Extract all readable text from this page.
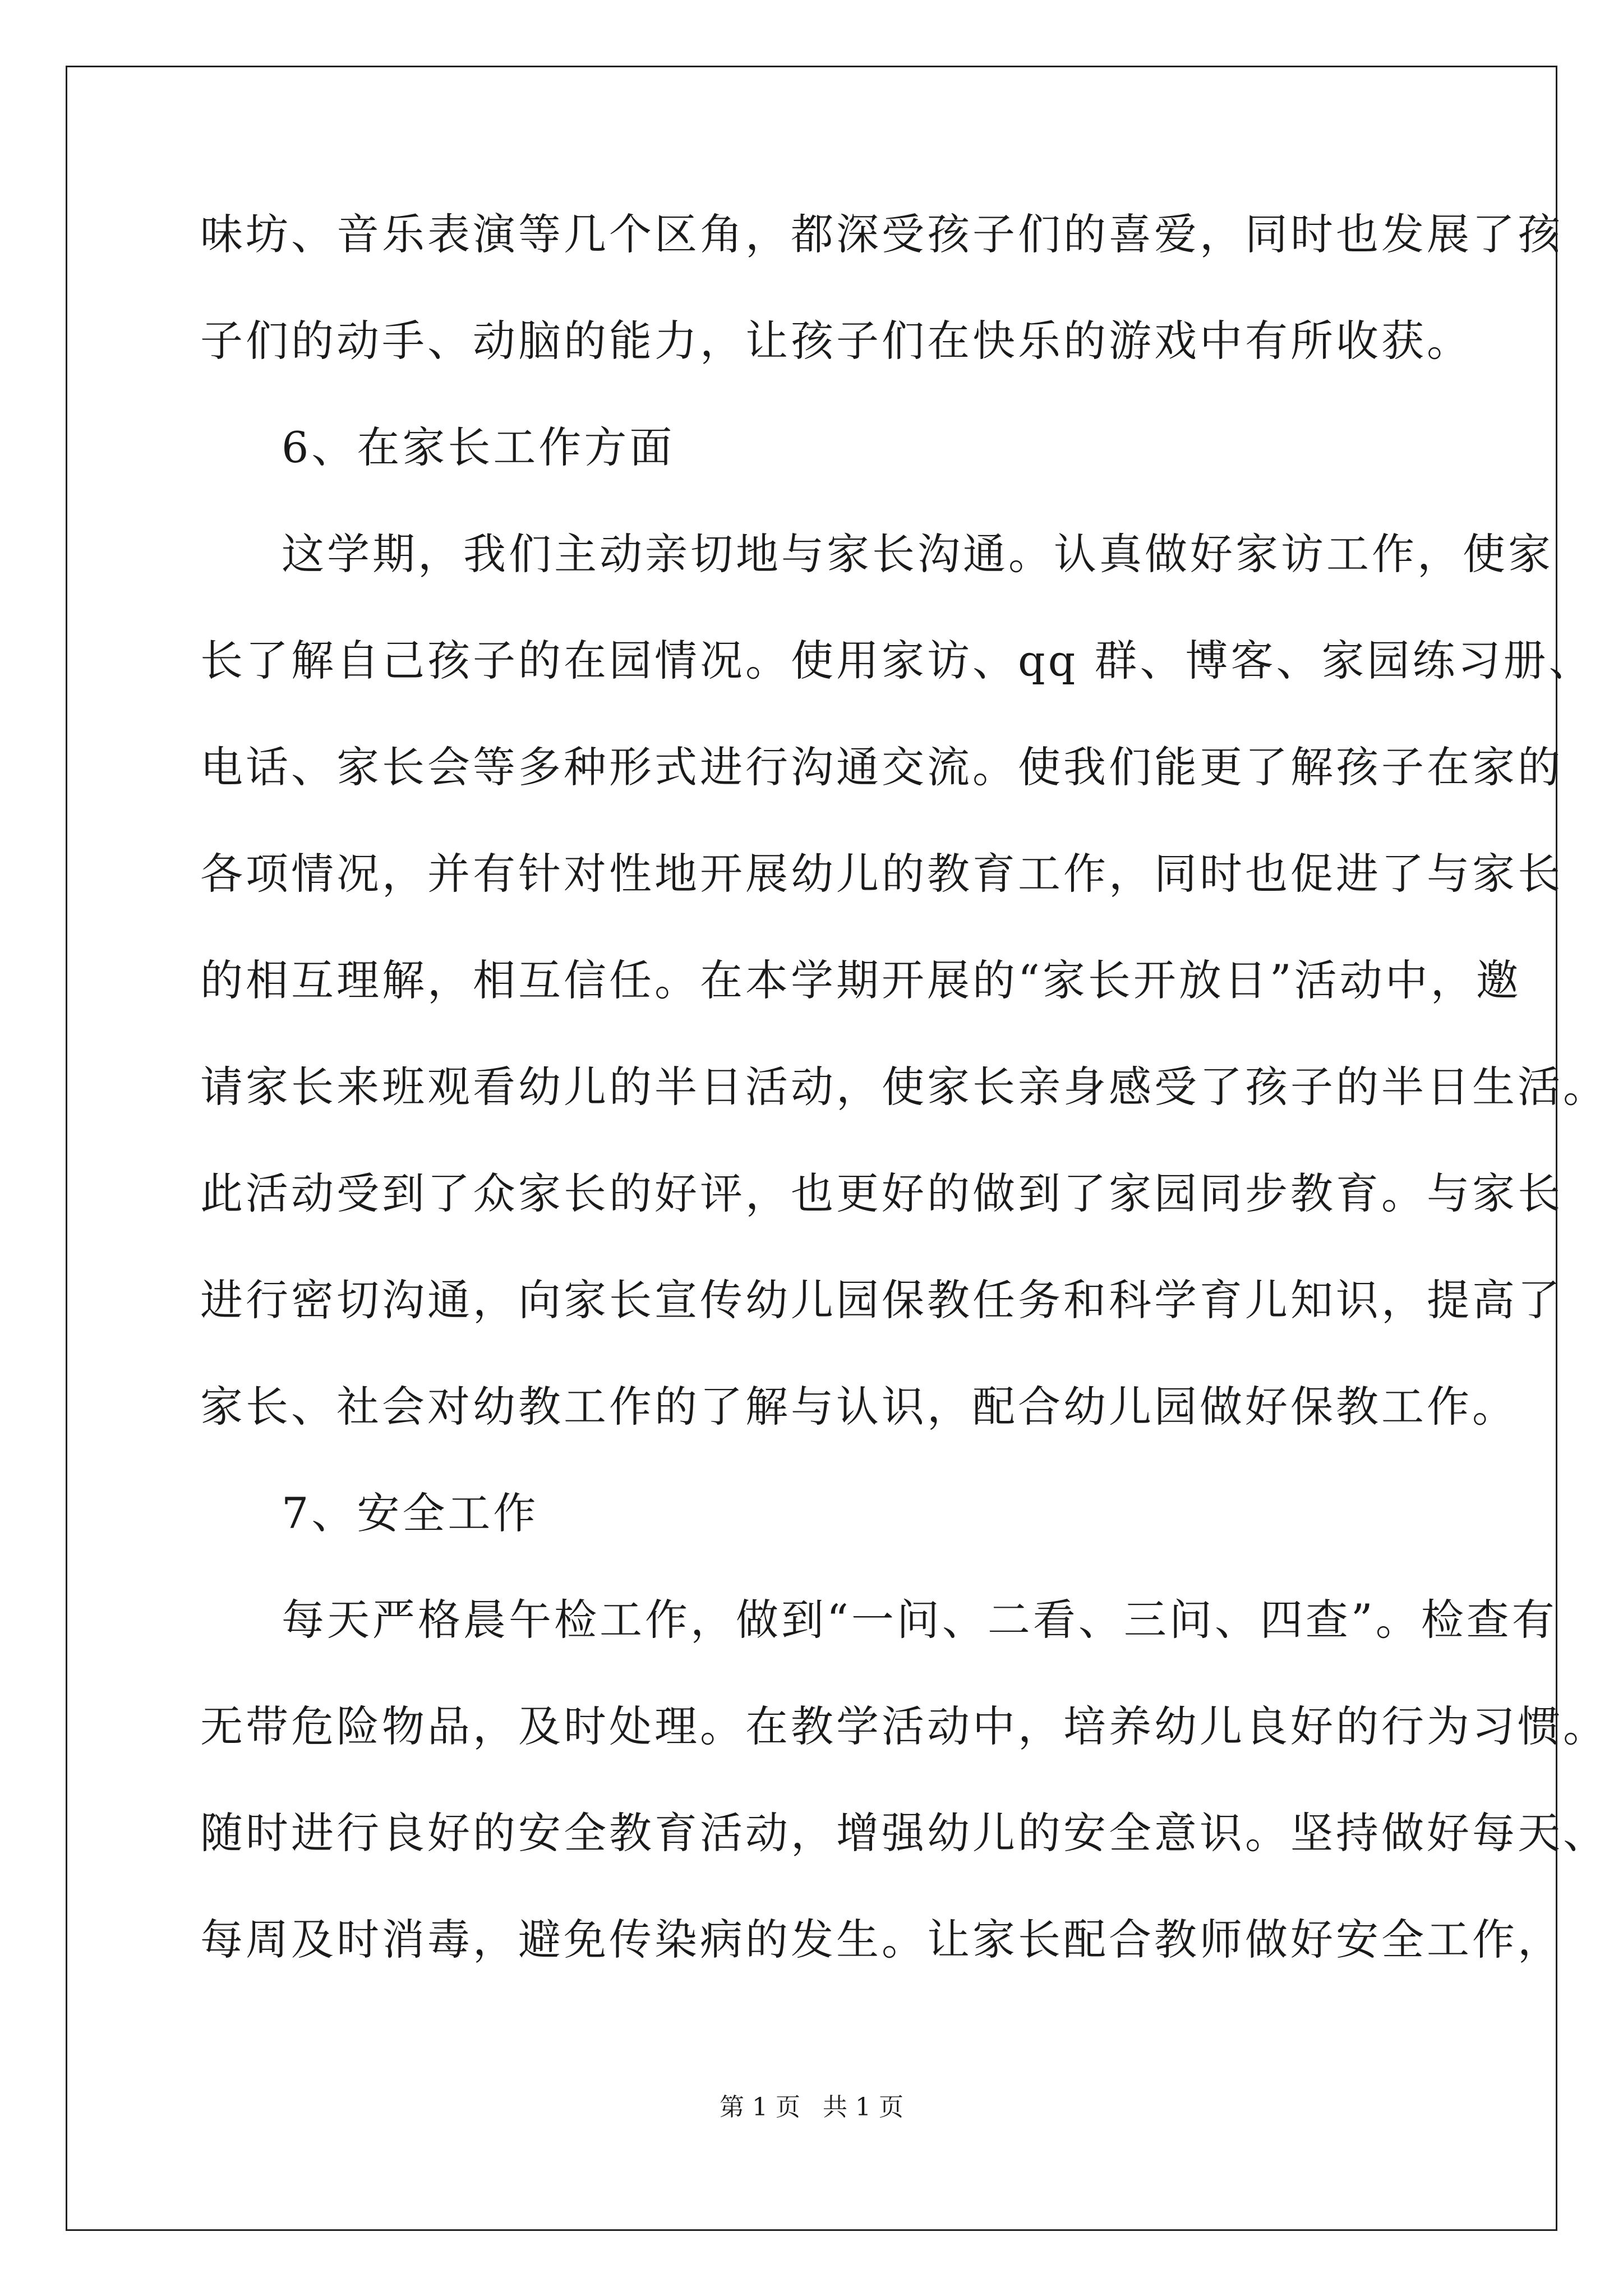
味坊、音乐表演等几个区角，都深受孩子们的喜爱，同时也发展了孩
子们的动手、动脑的能力，让孩子们在快乐的游戏中有所收获。
6、在家长工作方面
这学期，我们主动亲切地与家长沟通。认真做好家访工作，使家
长了解自己孩子的在园情况。使用家访、qq 群、博客、家园练习册、
电话、家长会等多种形式进行沟通交流。使我们能更了解孩子在家的
各项情况，并有针对性地开展幼儿的教育工作，同时也促进了与家长
的相互理解，相互信任。在本学期开展的“家长开放日”活动中，邀
请家长来班观看幼儿的半日活动，使家长亲身感受了孩子的半日生活。
此活动受到了众家长的好评，也更好的做到了家园同步教育。与家长
进行密切沟通，向家长宣传幼儿园保教任务和科学育儿知识，提高了
家长、社会对幼教工作的了解与认识，配合幼儿园做好保教工作。
7、安全工作
每天严格晨午检工作，做到“一问、二看、三问、四查”。检查有
无带危险物品，及时处理。在教学活动中，培养幼儿良好的行为习惯。
随时进行良好的安全教育活动，增强幼儿的安全意识。坚持做好每天、
每周及时消毒，避免传染病的发生。让家长配合教师做好安全工作，
第 1 页 共 1 页
